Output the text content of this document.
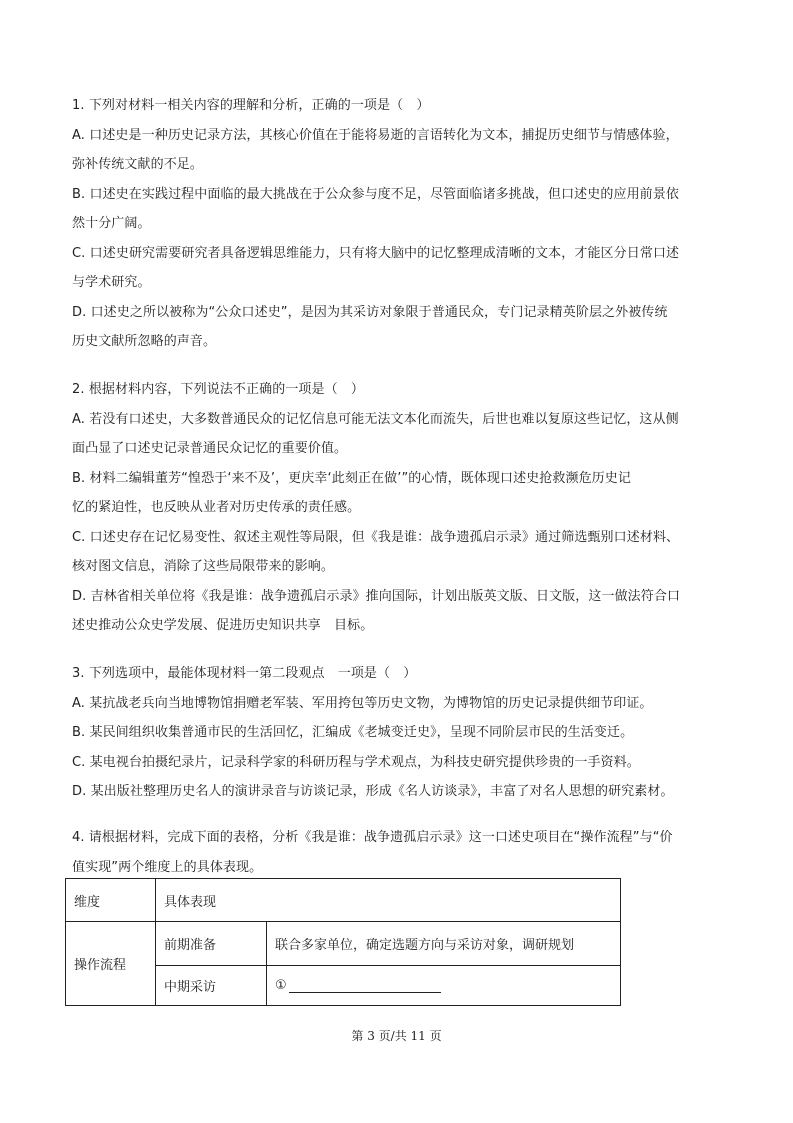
1. 下列对材料一相关内容的理解和分析，正确的一项是（　）

A. 口述史是一种历史记录方法，其核心价值在于能将易逝的言语转化为文本，捕捉历史细节与情感体验，

弥补传统文献的不足。

B. 口述史在实践过程中面临的最大挑战在于公众参与度不足，尽管面临诸多挑战，但口述史的应用前景依

然十分广阔。

C. 口述史研究需要研究者具备逻辑思维能力，只有将大脑中的记忆整理成清晰的文本，才能区分日常口述

与学术研究。

D. 口述史之所以被称为“公众口述史”，是因为其采访对象限于普通民众，专门记录精英阶层之外被传统

历史文献所忽略的声音。

2. 根据材料内容，下列说法不正确的一项是（　）

A. 若没有口述史，大多数普通民众的记忆信息可能无法文本化而流失，后世也难以复原这些记忆，这从侧

面凸显了口述史记录普通民众记忆的重要价值。

B. 材料二编辑董芳“惶恐于‘来不及’，更庆幸‘此刻正在做’”的心情，既体现口述史抢救濒危历史记

忆的紧迫性，也反映从业者对历史传承的责任感。

C. 口述史存在记忆易变性、叙述主观性等局限，但《我是谁：战争遗孤启示录》通过筛选甄别口述材料、

核对图文信息，消除了这些局限带来的影响。

D. 吉林省相关单位将《我是谁：战争遗孤启示录》推向国际，计划出版英文版、日文版，这一做法符合口

述史推动公众史学发展、促进历史知识共享　目标。

3. 下列选项中，最能体现材料一第二段观点　一项是（　）

A. 某抗战老兵向当地博物馆捐赠老军装、军用挎包等历史文物，为博物馆的历史记录提供细节印证。

B. 某民间组织收集普通市民的生活回忆，汇编成《老城变迁史》，呈现不同阶层市民的生活变迁。

C. 某电视台拍摄纪录片，记录科学家的科研历程与学术观点，为科技史研究提供珍贵的一手资料。

D. 某出版社整理历史名人的演讲录音与访谈记录，形成《名人访谈录》，丰富了对名人思想的研究素材。

4. 请根据材料，完成下面的表格，分析《我是谁：战争遗孤启示录》这一口述史项目在“操作流程”与“价

值实现”两个维度上的具体表现。

维度	具体表现	
操作流程	前期准备	联合多家单位，确定选题方向与采访对象，调研规划
	中期采访	①
第 3 页/共 11 页
